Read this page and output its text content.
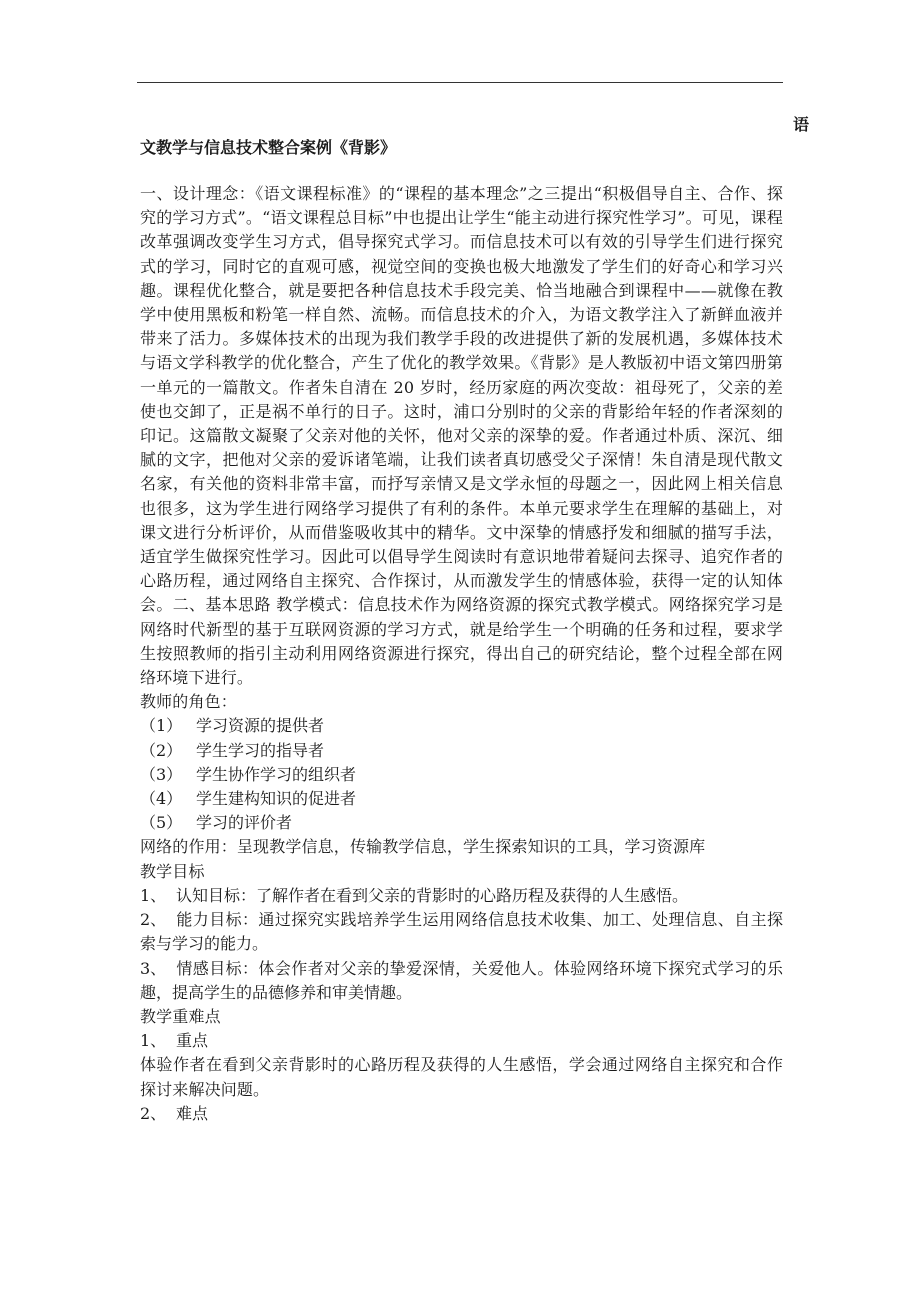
语
文教学与信息技术整合案例《背影》

一、设计理念：《语文课程标准》的“课程的基本理念”之三提出“积极倡导自主、合作、探究的学习方式”。“语文课程总目标”中也提出让学生“能主动进行探究性学习”。可见，课程改革强调改变学生习方式，倡导探究式学习。而信息技术可以有效的引导学生们进行探究式的学习，同时它的直观可感，视觉空间的变换也极大地激发了学生们的好奇心和学习兴趣。课程优化整合，就是要把各种信息技术手段完美、恰当地融合到课程中——就像在教学中使用黑板和粉笔一样自然、流畅。而信息技术的介入，为语文教学注入了新鲜血液并带来了活力。多媒体技术的出现为我们教学手段的改进提供了新的发展机遇，多媒体技术与语文学科教学的优化整合，产生了优化的教学效果。《背影》是人教版初中语文第四册第一单元的一篇散文。作者朱自清在 20 岁时，经历家庭的两次变故：祖母死了，父亲的差使也交卸了，正是祸不单行的日子。这时，浦口分别时的父亲的背影给年轻的作者深刻的印记。这篇散文凝聚了父亲对他的关怀，他对父亲的深挚的爱。作者通过朴质、深沉、细腻的文字，把他对父亲的爱诉诸笔端，让我们读者真切感受父子深情！朱自清是现代散文名家，有关他的资料非常丰富，而抒写亲情又是文学永恒的母题之一，因此网上相关信息也很多，这为学生进行网络学习提供了有利的条件。本单元要求学生在理解的基础上，对课文进行分析评价，从而借鉴吸收其中的精华。文中深挚的情感抒发和细腻的描写手法，适宜学生做探究性学习。因此可以倡导学生阅读时有意识地带着疑问去探寻、追究作者的心路历程，通过网络自主探究、合作探讨，从而激发学生的情感体验，获得一定的认知体会。二、基本思路 教学模式：信息技术作为网络资源的探究式教学模式。网络探究学习是网络时代新型的基于互联网资源的学习方式，就是给学生一个明确的任务和过程，要求学生按照教师的指引主动利用网络资源进行探究，得出自己的研究结论，整个过程全部在网络环境下进行。

教师的角色：

（1） 学习资源的提供者
（2） 学生学习的指导者
（3） 学生协作学习的组织者
（4） 学生建构知识的促进者
（5） 学习的评价者

网络的作用：呈现教学信息，传输教学信息，学生探索知识的工具，学习资源库

教学目标

1、 认知目标：了解作者在看到父亲的背影时的心路历程及获得的人生感悟。
2、 能力目标：通过探究实践培养学生运用网络信息技术收集、加工、处理信息、自主探索与学习的能力。
3、 情感目标：体会作者对父亲的挚爱深情，关爱他人。体验网络环境下探究式学习的乐趣，提高学生的品德修养和审美情趣。

教学重难点

1、 重点

体验作者在看到父亲背影时的心路历程及获得的人生感悟，学会通过网络自主探究和合作探讨来解决问题。

2、 难点
